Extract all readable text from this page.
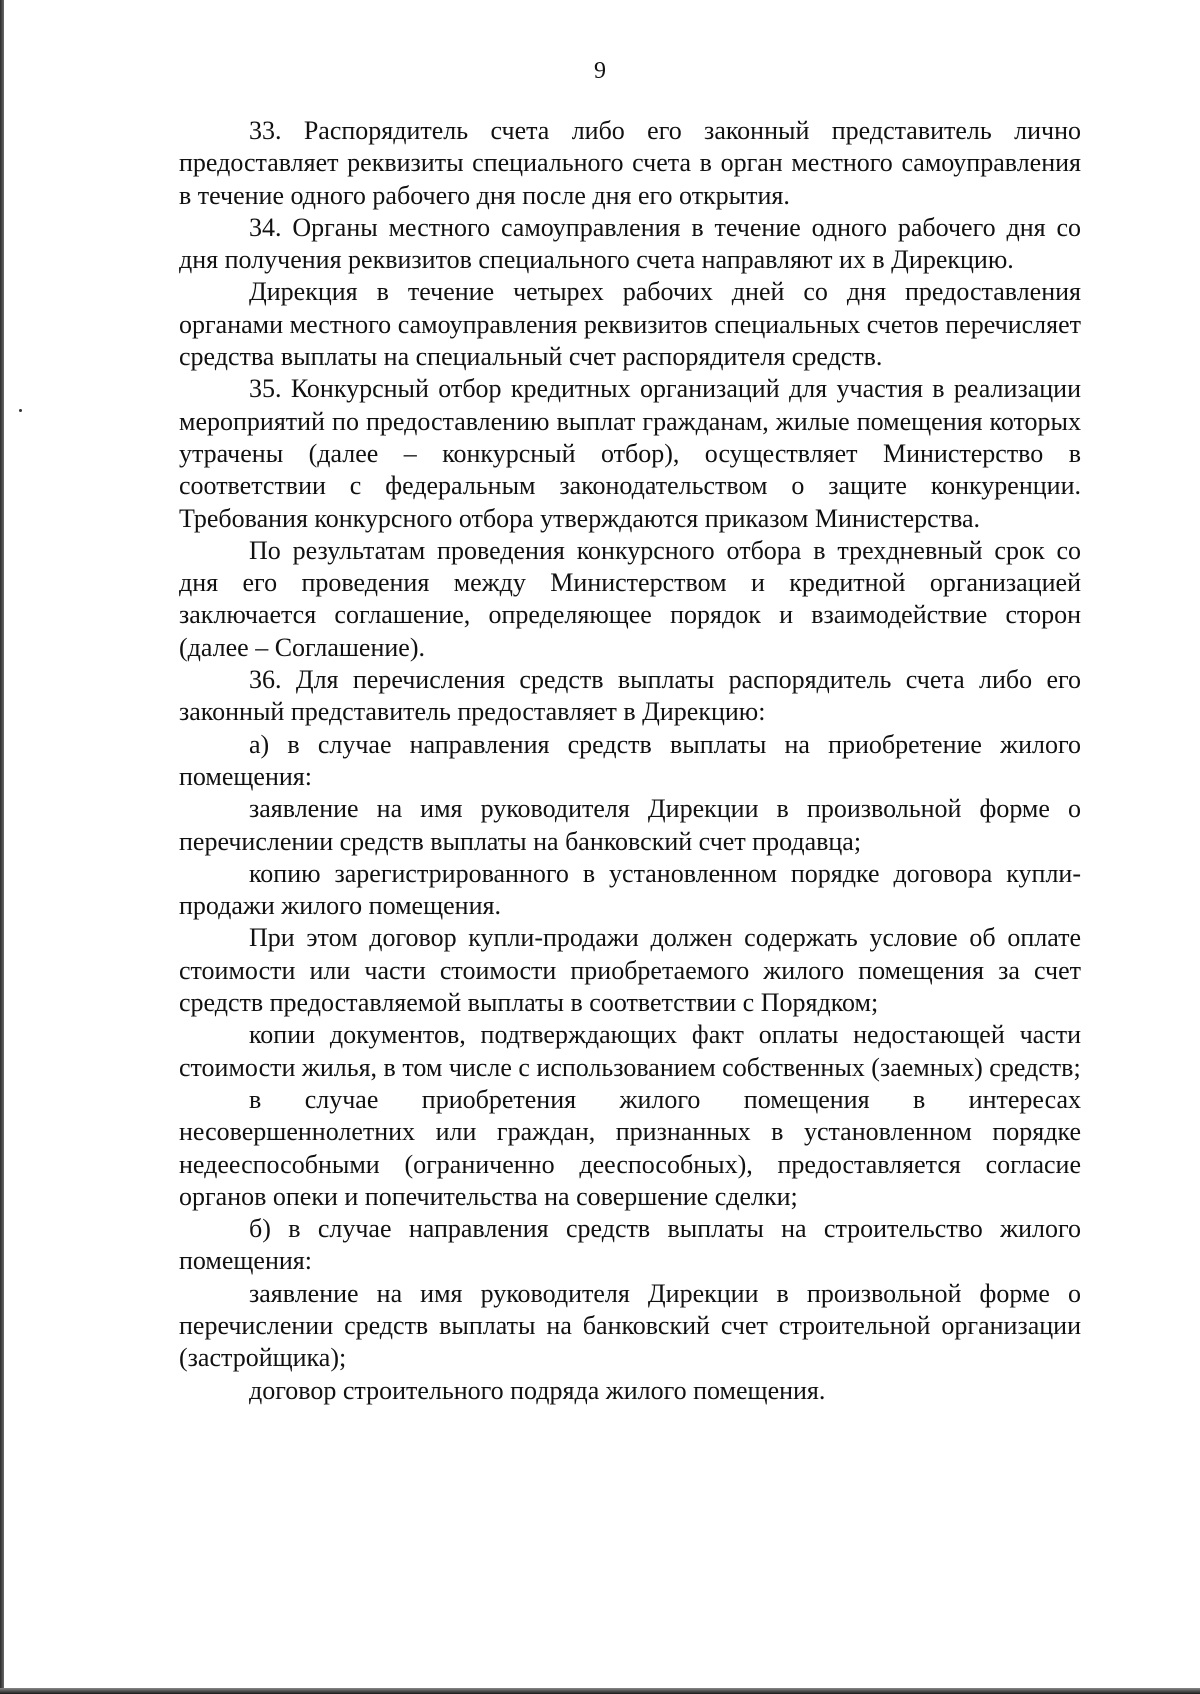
9

33. Распорядитель счета либо его законный представитель лично предоставляет реквизиты специального счета в орган местного самоуправления в течение одного рабочего дня после дня его открытия.

34. Органы местного самоуправления в течение одного рабочего дня со дня получения реквизитов специального счета направляют их в Дирекцию.

Дирекция в течение четырех рабочих дней со дня предоставления органами местного самоуправления реквизитов специальных счетов перечисляет средства выплаты на специальный счет распорядителя средств.

35. Конкурсный отбор кредитных организаций для участия в реализации мероприятий по предоставлению выплат гражданам, жилые помещения которых утрачены (далее – конкурсный отбор), осуществляет Министерство в соответствии с федеральным законодательством о защите конкуренции. Требования конкурсного отбора утверждаются приказом Министерства.

По результатам проведения конкурсного отбора в трехдневный срок со дня его проведения между Министерством и кредитной организацией заключается соглашение, определяющее порядок и взаимодействие сторон (далее – Соглашение).

36. Для перечисления средств выплаты распорядитель счета либо его законный представитель предоставляет в Дирекцию:

а) в случае направления средств выплаты на приобретение жилого помещения:

заявление на имя руководителя Дирекции в произвольной форме о перечислении средств выплаты на банковский счет продавца;

копию зарегистрированного в установленном порядке договора купли-продажи жилого помещения.

При этом договор купли-продажи должен содержать условие об оплате стоимости или части стоимости приобретаемого жилого помещения за счет средств предоставляемой выплаты в соответствии с Порядком;

копии документов, подтверждающих факт оплаты недостающей части стоимости жилья, в том числе с использованием собственных (заемных) средств;

в случае приобретения жилого помещения в интересах несовершеннолетних или граждан, признанных в установленном порядке недееспособными (ограниченно дееспособных), предоставляется согласие органов опеки и попечительства на совершение сделки;

б) в случае направления средств выплаты на строительство жилого помещения:

заявление на имя руководителя Дирекции в произвольной форме о перечислении средств выплаты на банковский счет строительной организации (застройщика);

договор строительного подряда жилого помещения.
